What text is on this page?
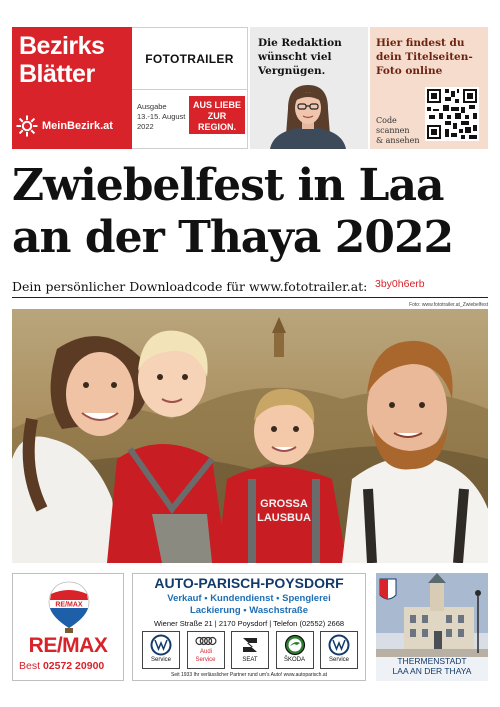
Bezirks
Blätter
MeinBezirk.at
FOTOTRAILER
Ausgabe
13.-15. August
2022
AUS LIEBE
ZUR
REGION.
Die Redaktion wünscht viel Vergnügen.
Hier findest du dein Titelseiten-Foto online
Code
scannen
& ansehen
Zwiebelfest in Laa
an der Thaya 2022
Dein persönlicher Downloadcode für www.fototrailer.at: 3by0h6erb
Foto: www.fototrailer.at_Zwiebelfest
GROSSA
LAUSBUA
RE/MAX
RE/MAX
Best 02572 20900
AUTO-PARISCH-POYSDORF
Verkauf • Kundendienst • Spenglerei
Lackierung • Waschstraße
Wiener Straße 21 | 2170 Poysdorf | Telefon (02552) 2668
Service
Audi
Service	SEAT	ŠKODA	Service
Seit 1933 Ihr verlässlicher Partner rund um's Auto! www.autoparisch.at
THERMENSTADT
LAA AN DER THAYA
